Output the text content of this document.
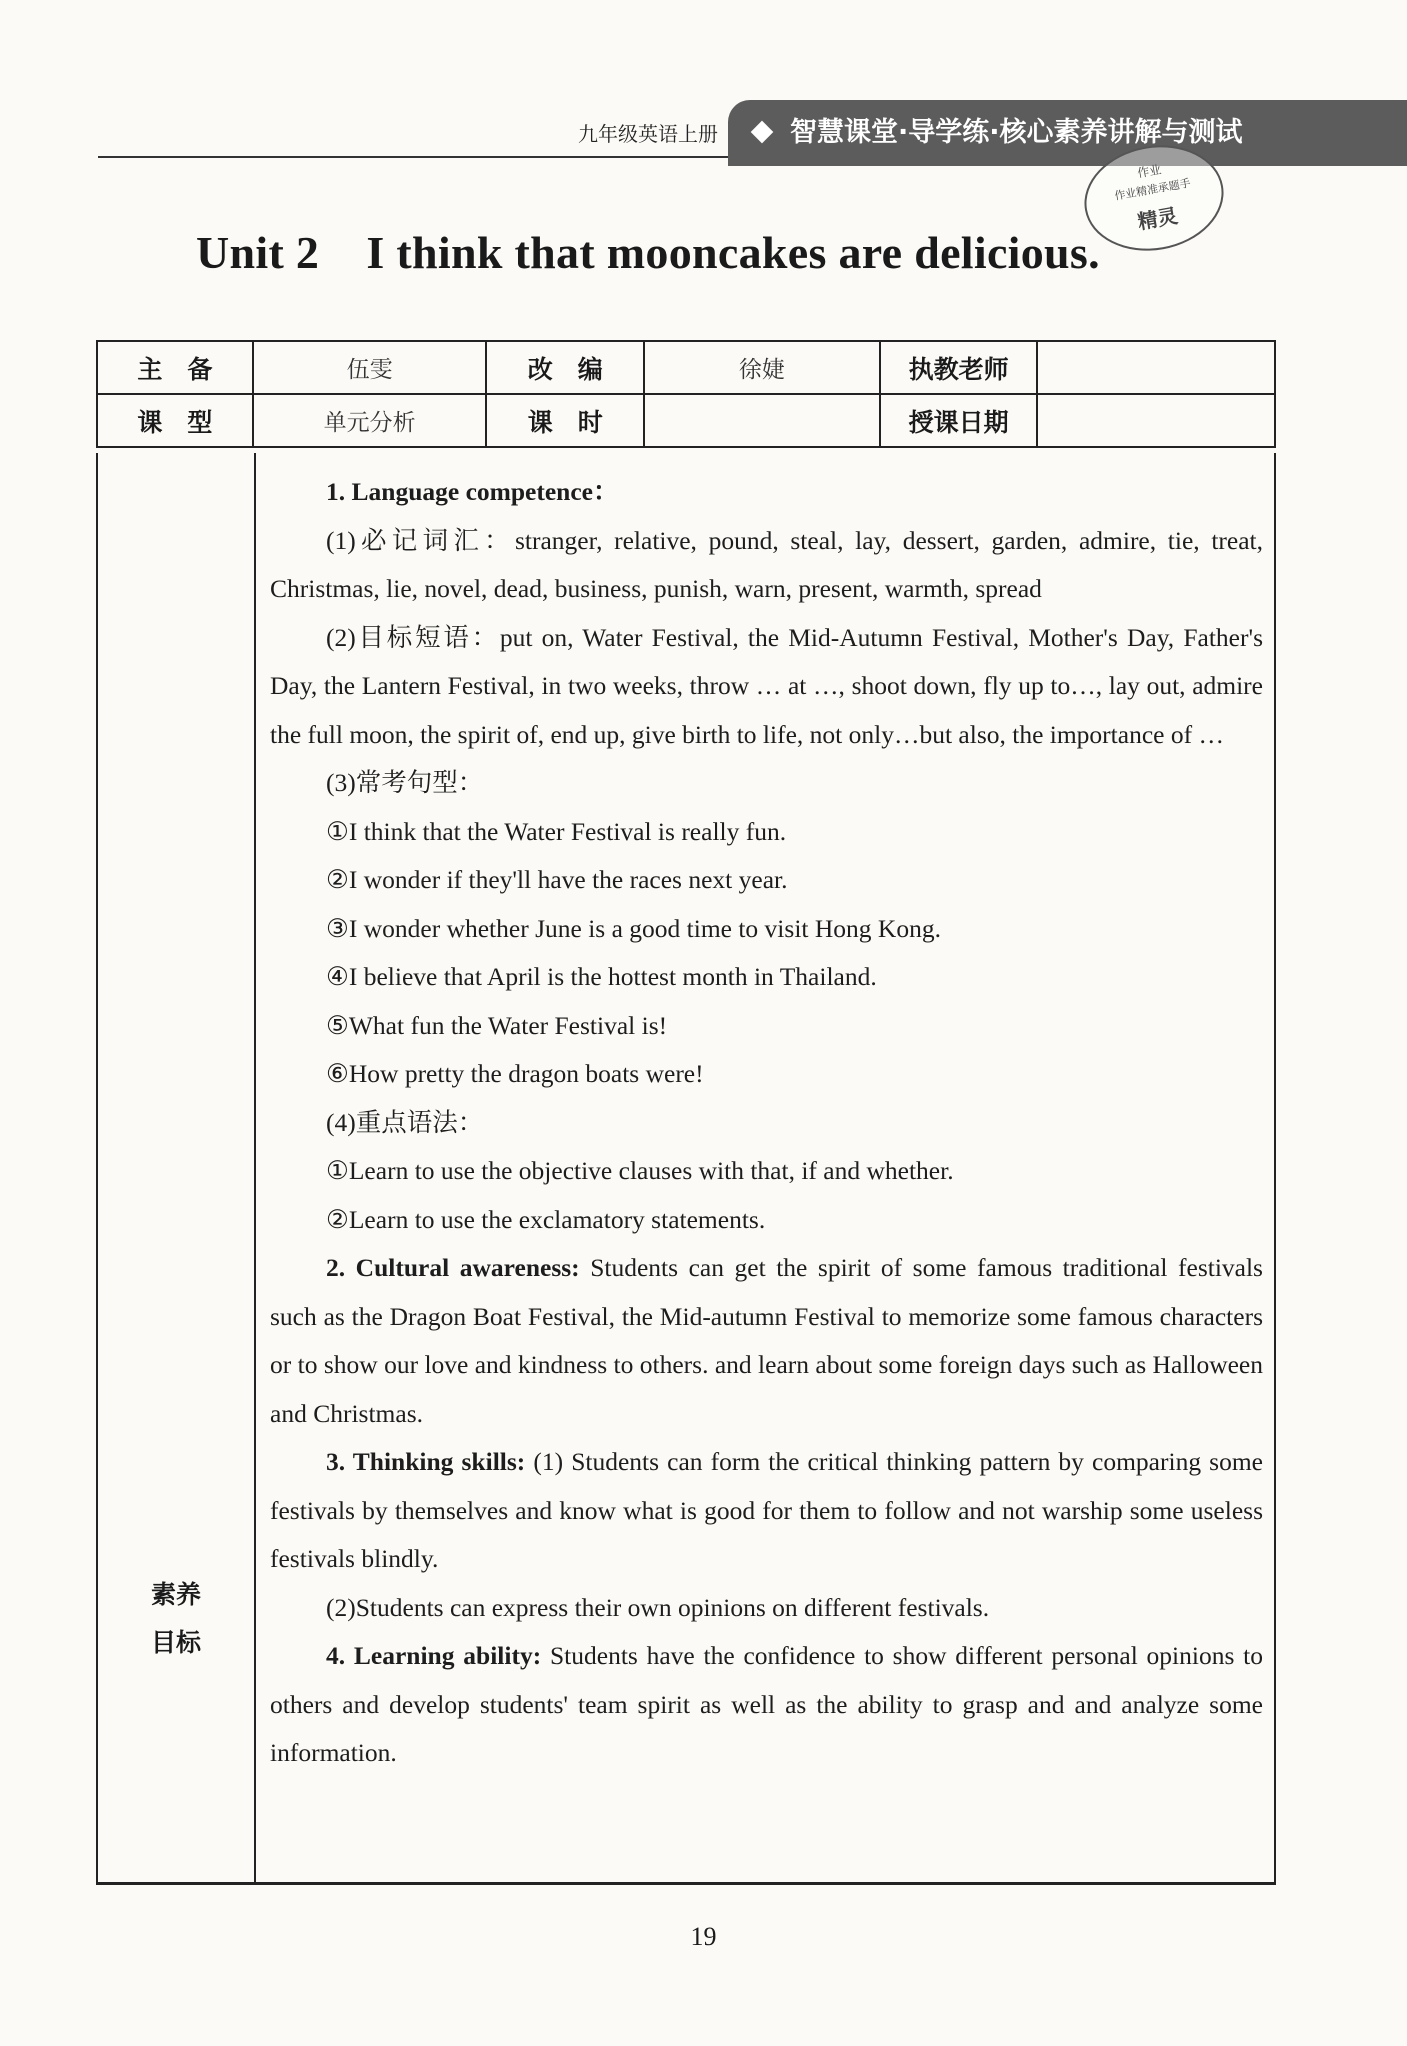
九年级英语上册	智慧课堂·导学练·核心素养讲解与测试
作业
作业精准承题手
精灵
Unit 2    I think that mooncakes are delicious.
主　备	伍雯	改　编	徐婕	执教老师	
课　型	单元分析	课　时		授课日期	
素养
目标

1. Language competence：

(1)必记词汇：stranger, relative, pound, steal, lay, dessert, garden, admire, tie, treat, Christmas, lie, novel, dead, business, punish, warn, present, warmth, spread

(2)目标短语：put on, Water Festival, the Mid-Autumn Festival, Mother's Day, Father's Day, the Lantern Festival, in two weeks, throw … at …, shoot down, fly up to…, lay out, admire the full moon, the spirit of, end up, give birth to life, not only…but also, the importance of …

(3)常考句型：

①I think that the Water Festival is really fun.

②I wonder if they'll have the races next year.

③I wonder whether June is a good time to visit Hong Kong.

④I believe that April is the hottest month in Thailand.

⑤What fun the Water Festival is!

⑥How pretty the dragon boats were!

(4)重点语法：

①Learn to use the objective clauses with that, if and whether.

②Learn to use the exclamatory statements.

2. Cultural awareness: Students can get the spirit of some famous traditional festivals such as the Dragon Boat Festival, the Mid-autumn Festival to memorize some famous characters or to show our love and kindness to others. and learn about some foreign days such as Halloween and Christmas.

3. Thinking skills: (1) Students can form the critical thinking pattern by comparing some festivals by themselves and know what is good for them to follow and not warship some useless festivals blindly.

(2)Students can express their own opinions on different festivals.

4. Learning ability: Students have the confidence to show different personal opinions to others and develop students' team spirit as well as the ability to grasp and and analyze some information.

19
